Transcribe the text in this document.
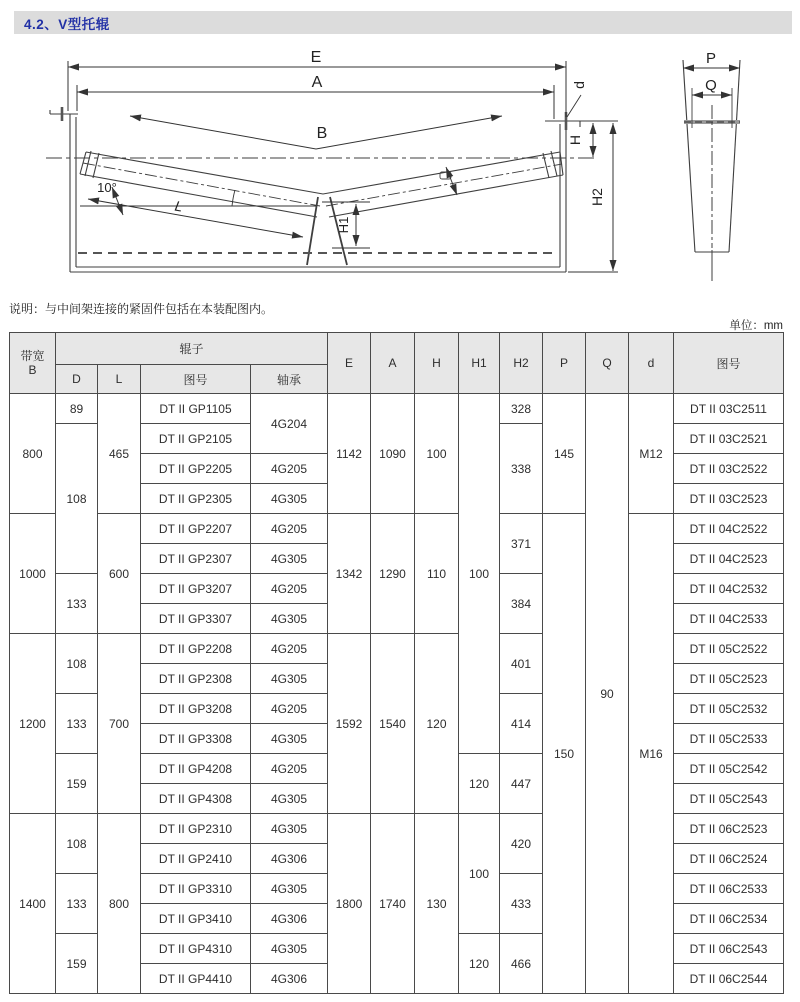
4.2、V型托辊
E
A
B
10°
L
H1
d
H
H2
P
Q
说明：与中间架连接的紧固件包括在本装配图内。
单位：mm
带宽
B	辊子				E	A	H	H1	H2	P	Q	d	图号
	D	L	图号	轴承									
800	89	465	DT II GP1105	4G204	1142	1090	100	100	328	145	90	M12	DT II 03C2511
	108		DT II GP2105						338				DT II 03C2521
			DT II GP2205	4G205									DT II 03C2522
			DT II GP2305	4G305									DT II 03C2523
1000		600	DT II GP2207	4G205	1342	1290	110		371	150		M16	DT II 04C2522
			DT II GP2307	4G305									DT II 04C2523
	133		DT II GP3207	4G205					384				DT II 04C2532
			DT II GP3307	4G305									DT II 04C2533
1200	108	700	DT II GP2208	4G205	1592	1540	120		401				DT II 05C2522
			DT II GP2308	4G305									DT II 05C2523
	133		DT II GP3208	4G205					414				DT II 05C2532
			DT II GP3308	4G305									DT II 05C2533
	159		DT II GP4208	4G205				120	447				DT II 05C2542
			DT II GP4308	4G305									DT II 05C2543
1400	108	800	DT II GP2310	4G305	1800	1740	130	100	420				DT II 06C2523
			DT II GP2410	4G306									DT II 06C2524
	133		DT II GP3310	4G305					433				DT II 06C2533
			DT II GP3410	4G306									DT II 06C2534
	159		DT II GP4310	4G305				120	466				DT II 06C2543
			DT II GP4410	4G306									DT II 06C2544
